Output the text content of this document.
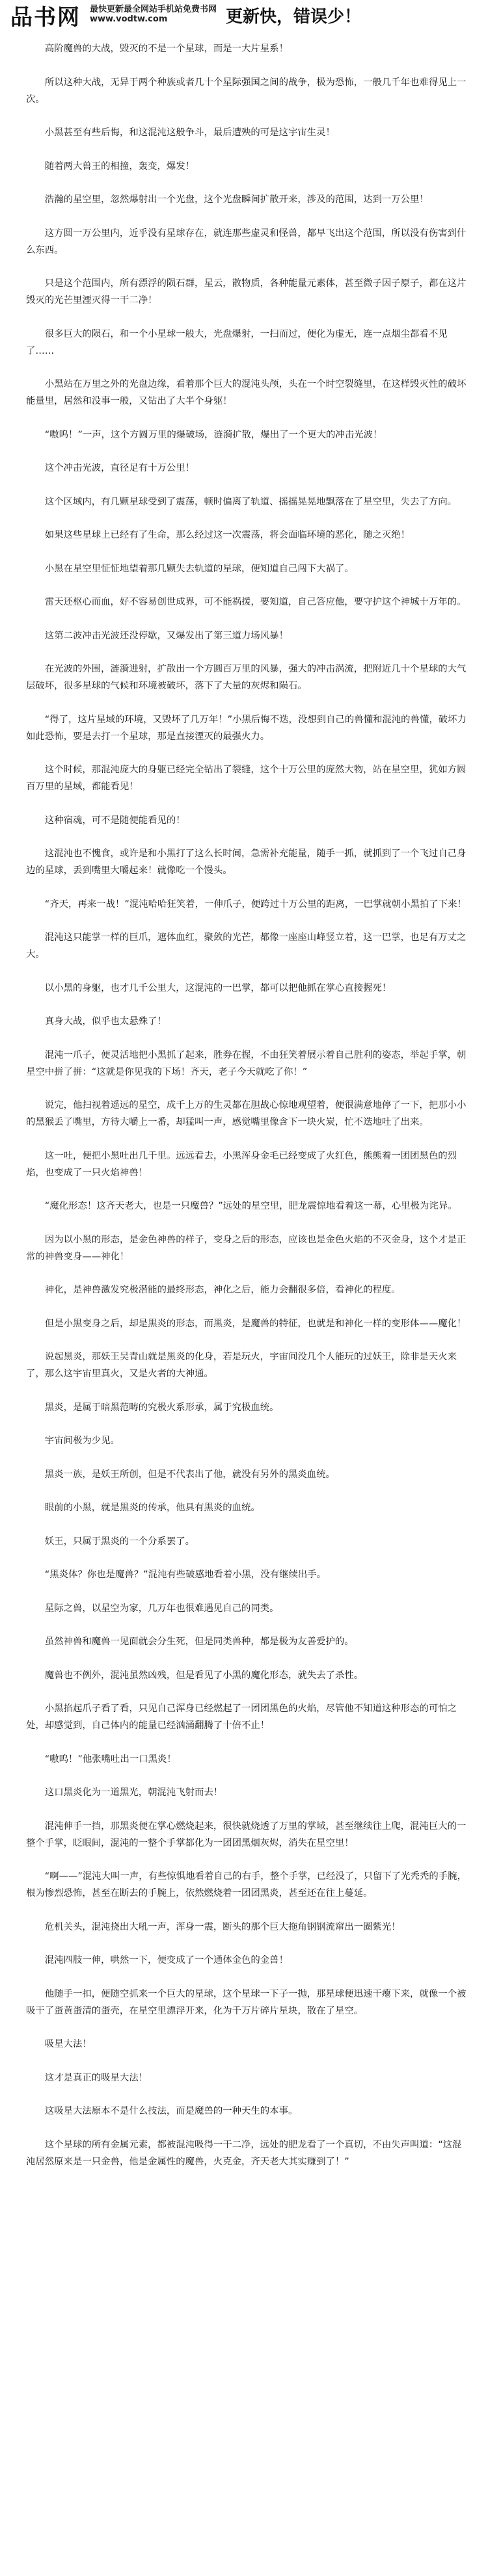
品书网 最快更新最全网站手机站免费书网
www.vodtw.com	更新快，错误少！

高阶魔兽的大战，毁灭的不是一个星球，而是一大片星系！

所以这种大战，无异于两个种族或者几十个星际强国之间的战争，极为恐怖，一般几千年也难得见上一次。

小黑甚至有些后悔，和这混沌这般争斗，最后遭殃的可是这宇宙生灵！

随着两大兽王的相撞，轰变，爆发！

浩瀚的星空里，忽然爆射出一个光盘，这个光盘瞬间扩散开来，涉及的范围，达到一万公里！

这方圆一万公里内，近乎没有星球存在，就连那些虚灵和怪兽，都早飞出这个范围，所以没有伤害到什么东西。

只是这个范围内，所有漂浮的陨石群，星云，散物质，各种能量元素体，甚至微子因子原子，都在这片毁灭的光芒里湮灭得一干二净！

很多巨大的陨石，和一个小星球一般大，光盘爆射，一扫而过，便化为虚无，连一点烟尘都看不见了……

小黑站在万里之外的光盘边缘，看着那个巨大的混沌头颅，头在一个时空裂缝里，在这样毁灭性的破坏能量里，居然和没事一般，又钻出了大半个身躯！

“嗷呜！”一声，这个方圆万里的爆破场，涟漪扩散，爆出了一个更大的冲击光波！

这个冲击光波，直径足有十万公里！

这个区域内，有几颗星球受到了震荡，顿时偏离了轨道、摇摇晃晃地飘落在了星空里，失去了方向。

如果这些星球上已经有了生命，那么经过这一次震荡，将会面临环境的恶化，随之灭绝！

小黑在星空里怔怔地望着那几颗失去轨道的星球，便知道自己闯下大祸了。

雷天还枢心而血，好不容易创世成界，可不能祸援，要知道，自己答应他，要守护这个神城十万年的。

这第二波冲击光波还没停歇，又爆发出了第三道力场风暴！

在光波的外围，涟漪进射，扩散出一个方圆百万里的风暴，强大的冲击涡流，把附近几十个星球的大气层破坏，很多星球的气候和环境被破坏，落下了大量的灰烬和陨石。

“得了，这片星域的环境，又毁坏了几万年！”小黑后悔不迭，没想到自己的兽懂和混沌的兽懂，破坏力如此恐怖，要是去打一个星球，那是直接湮灭的最强火力。

这个时候，那混沌庞大的身躯已经完全钻出了裂缝，这个十万公里的庞然大物，站在星空里，犹如方圆百万里的星域，都能看见！

这种宿魂，可不是随便能看见的！

这混沌也不愧食，或许是和小黑打了这么长时间，急需补充能量，随手一抓，就抓到了一个飞过自己身边的星球，丢到嘴里大嚼起来！就像吃一个馒头。

“齐天，再来一战！”混沌哈哈狂笑着，一伸爪子，便跨过十万公里的距离，一巴掌就朝小黑拍了下来！

混沌这只能掌一样的巨爪，遮体血红，聚敛的光芒，都像一座座山峰竖立着，这一巴掌，也足有万丈之大。

以小黑的身躯，也才几千公里大，这混沌的一巴掌，都可以把他抓在掌心直接握死！

真身大战，似乎也太悬殊了！

混沌一爪子，便灵活地把小黑抓了起来，胜券在握，不由狂笑着展示着自己胜利的姿态，举起手掌，朝星空中拼了拼：“这就是你见我的下场！齐天，老子今天就吃了你！”

说完，他扫视着遥远的星空，成千上万的生灵都在胆战心惊地观望着，便很满意地停了一下，把那小小的黑猴丢了嘴里，方待大嚼上一番，却猛叫一声，感觉嘴里像含下一块火炭，忙不迭地吐了出来。

这一吐，便把小黑吐出几千里。远远看去，小黑浑身金毛已经变成了火红色，熊熊着一团团黑色的烈焰，也变成了一只火焰神兽！

“魔化形态！这齐天老大，也是一只魔兽？”远处的星空里，肥龙震惊地看着这一幕，心里极为诧异。

因为以小黑的形态，是金色神兽的样子，变身之后的形态，应该也是金色火焰的不灭金身，这个才是正常的神兽变身——神化！

神化，是神兽激发究极潜能的最终形态，神化之后，能力会翻很多倍，看神化的程度。

但是小黑变身之后，却是黑炎的形态，而黑炎，是魔兽的特征，也就是和神化一样的变形体——魔化！

说起黑炎，那妖王吴青山就是黑炎的化身，若是玩火，宇宙间没几个人能玩的过妖王，除非是天火来了，那么这宇宙里真火，又是火者的大神通。

黑炎，是属于暗黑范畴的究极火系形承，属于究极血统。

宇宙间极为少见。

黑炎一族，是妖王所创，但是不代表出了他，就没有另外的黑炎血统。

眼前的小黑，就是黑炎的传承，他具有黑炎的血统。

妖王，只属于黑炎的一个分系罢了。

“黑炎体？你也是魔兽？”混沌有些破感地看着小黑，没有继续出手。

星际之兽，以星空为家，几万年也很难遇见自己的同类。

虽然神兽和魔兽一见面就会分生死，但是同类兽种，都是极为友善爱护的。

魔兽也不例外，混沌虽然凶残，但是看见了小黑的魔化形态，就失去了杀性。

小黑掐起爪子看了看，只见自己浑身已经燃起了一团团黑色的火焰，尽管他不知道这种形态的可怕之处，却感觉到，自己体内的能量已经汹涌翻腾了十倍不止！

“嗷呜！”他张嘴吐出一口黑炎！

这口黑炎化为一道黑光，朝混沌飞射而去！

混沌伸手一挡，那黑炎便在掌心燃烧起来，很快就烧透了万里的掌域，甚至继续往上爬，混沌巨大的一整个手掌，眨眼间，混沌的一整个手掌都化为一团团黑烟灰烬，消失在星空里！

“啊——”混沌大叫一声，有些惊惧地看着自己的右手，整个手掌，已经没了，只留下了光秃秃的手腕，根为惨烈恐怖，甚至在断去的手腕上，依然燃烧着一团团黑炎，甚至还在往上蔓延。

危机关头，混沌挠出大吼一声，浑身一震，断头的那个巨大拖角钢钢流窜出一圈紫光！

混沌四肢一伸，哄然一下，便变成了一个通体金色的金兽！

他随手一扣，便随空抓来一个巨大的星球，这个星球一下子一抛，那星球便迅速干瘪下来，就像一个被吸干了蛋黄蛋清的蛋壳，在星空里漂浮开来，化为千万片碎片星块，散在了星空。

吸星大法！

这才是真正的吸星大法！

这吸星大法原本不是什么技法，而是魔兽的一种天生的本事。

这个星球的所有金属元素，都被混沌吸得一干二净，远处的肥龙看了一个真切，不由失声叫道：“这混沌居然原来是一只金兽，他是金属性的魔兽，火克金，齐天老大其实赚到了！”
